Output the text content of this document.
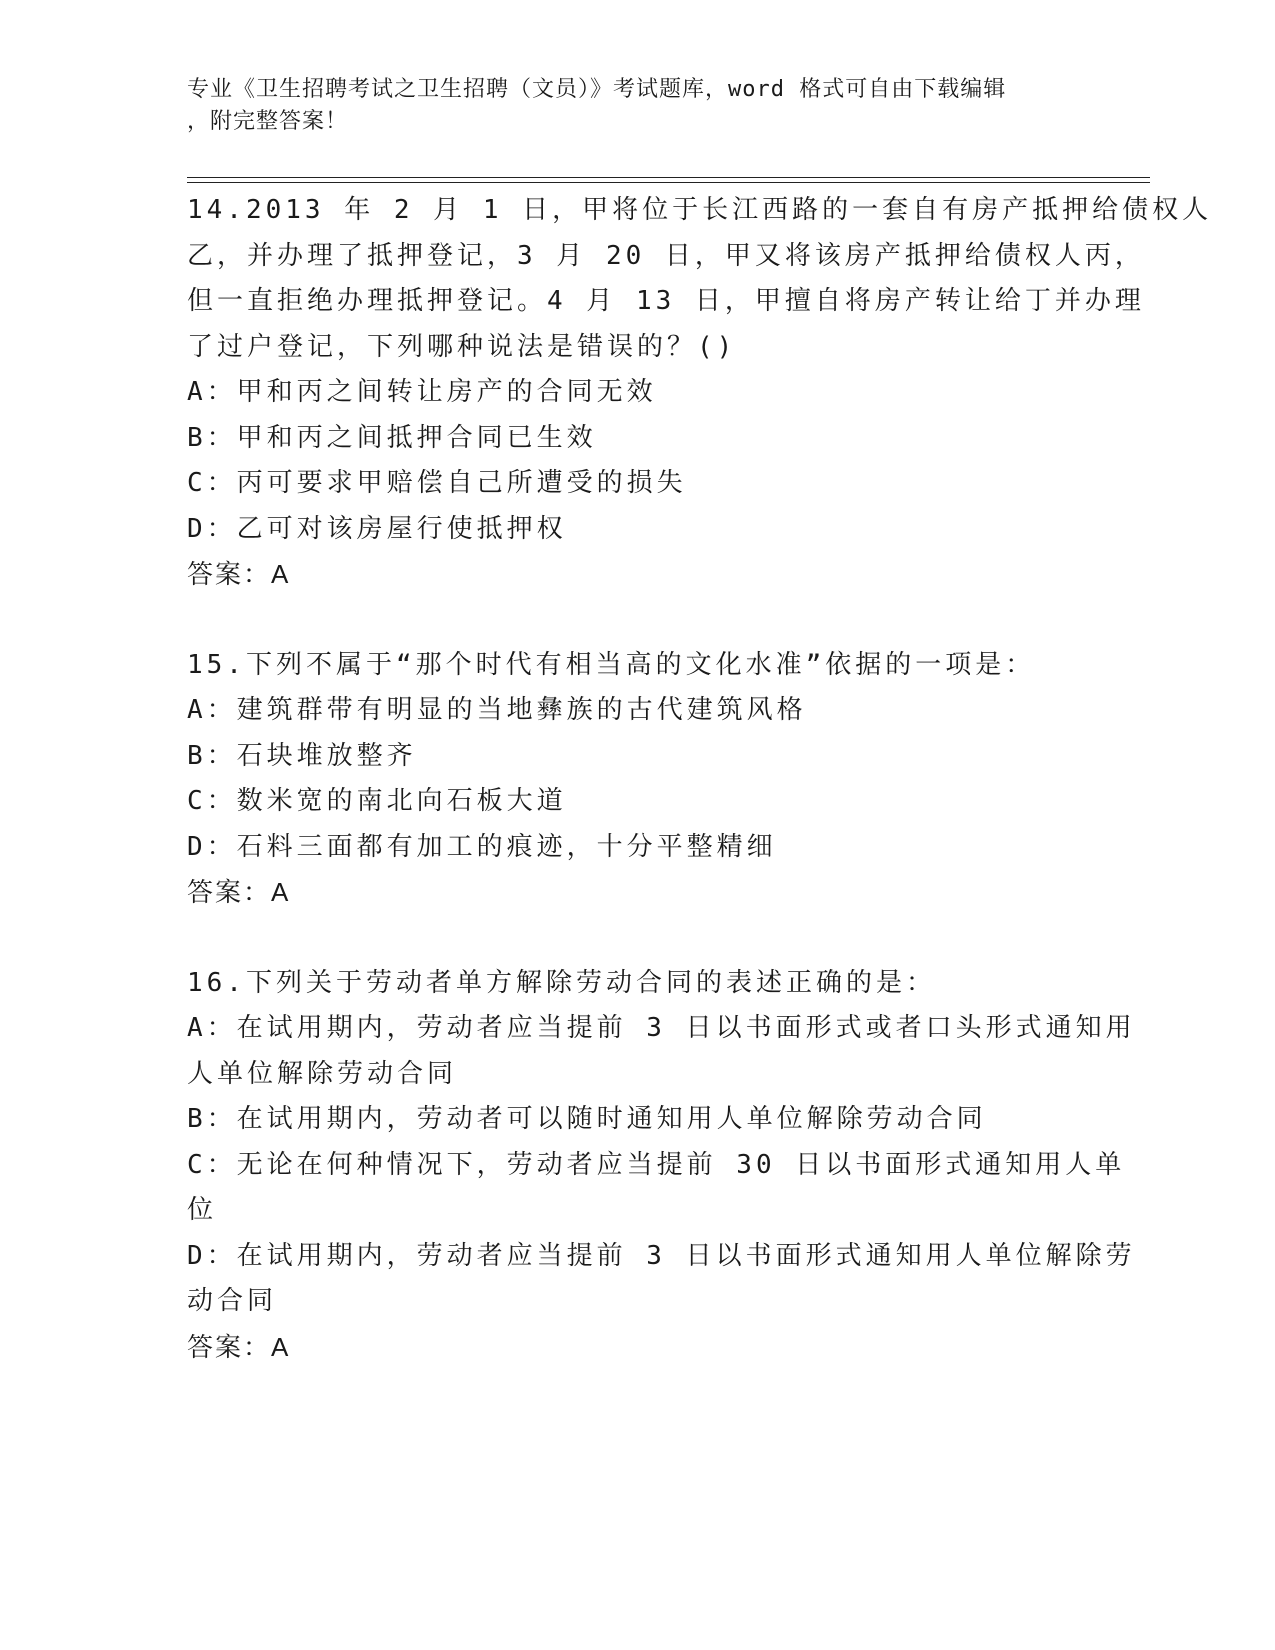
专业《卫生招聘考试之卫生招聘（文员）》考试题库，word 格式可自由下载编辑
，附完整答案！
14.2013 年 2 月 1 日，甲将位于长江西路的一套自有房产抵押给债权人
乙，并办理了抵押登记，3 月 20 日，甲又将该房产抵押给债权人丙，
但一直拒绝办理抵押登记。4 月 13 日，甲擅自将房产转让给丁并办理
了过户登记，下列哪种说法是错误的？()
A：甲和丙之间转让房产的合同无效
B：甲和丙之间抵押合同已生效
C：丙可要求甲赔偿自己所遭受的损失
D：乙可对该房屋行使抵押权
答案：A
15.下列不属于“那个时代有相当高的文化水准”依据的一项是：
A：建筑群带有明显的当地彝族的古代建筑风格
B：石块堆放整齐
C：数米宽的南北向石板大道
D：石料三面都有加工的痕迹，十分平整精细
答案：A
16.下列关于劳动者单方解除劳动合同的表述正确的是：
A：在试用期内，劳动者应当提前 3 日以书面形式或者口头形式通知用
人单位解除劳动合同
B：在试用期内，劳动者可以随时通知用人单位解除劳动合同
C：无论在何种情况下，劳动者应当提前 30 日以书面形式通知用人单
位
D：在试用期内，劳动者应当提前 3 日以书面形式通知用人单位解除劳
动合同
答案：A
